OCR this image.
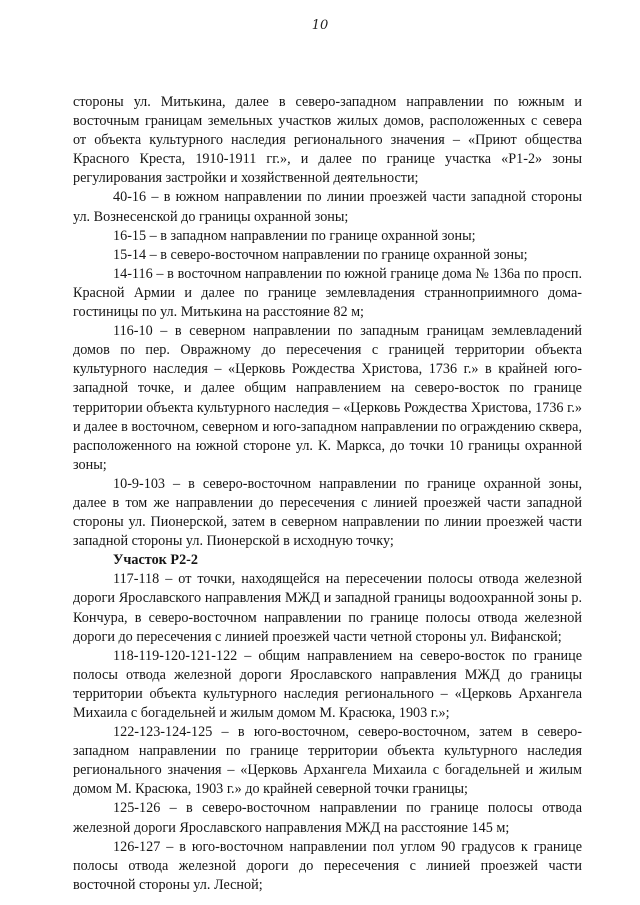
10

стороны ул. Митькина, далее в северо-западном направлении по южным и восточным границам земельных участков жилых домов, расположенных с севера от объекта культурного наследия регионального значения – «Приют общества Красного Креста, 1910-1911 гг.», и далее по границе участка «Р1-2» зоны регулирования застройки и хозяйственной деятельности;

40-16 – в южном направлении по линии проезжей части западной стороны ул. Вознесенской до границы охранной зоны;

16-15 – в западном направлении по границе охранной зоны;

15-14 – в северо-восточном направлении по границе охранной зоны;

14-116 – в восточном направлении по южной границе дома № 136а по просп. Красной Армии и далее по границе землевладения странноприимного дома-гостиницы по ул. Митькина на расстояние 82 м;

116-10 – в северном направлении по западным границам землевладений домов по пер. Овражному до пересечения с границей территории объекта культурного наследия – «Церковь Рождества Христова, 1736 г.» в крайней юго-западной точке, и далее общим направлением на северо-восток по границе территории объекта культурного наследия – «Церковь Рождества Христова, 1736 г.» и далее в восточном, северном и юго-западном направлении по ограждению сквера, расположенного на южной стороне ул. К. Маркса, до точки 10 границы охранной зоны;

10-9-103 – в северо-восточном направлении по границе охранной зоны, далее в том же направлении до пересечения с линией проезжей части западной стороны ул. Пионерской, затем в северном направлении по линии проезжей части западной стороны ул. Пионерской в исходную точку;

Участок Р2-2

117-118 – от точки, находящейся на пересечении полосы отвода железной дороги Ярославского направления МЖД и западной границы водоохранной зоны р. Кончура, в северо-восточном направлении по границе полосы отвода железной дороги до пересечения с линией проезжей части четной стороны ул. Вифанской;

118-119-120-121-122 – общим направлением на северо-восток по границе полосы отвода железной дороги Ярославского направления МЖД до границы территории объекта культурного наследия регионального – «Церковь Архангела Михаила с богадельней и жилым домом М. Красюка, 1903 г.»;

122-123-124-125 – в юго-восточном, северо-восточном, затем в северо-западном направлении по границе территории объекта культурного наследия регионального значения – «Церковь Архангела Михаила с богадельней и жилым домом М. Красюка, 1903 г.» до крайней северной точки границы;

125-126 – в северо-восточном направлении по границе полосы отвода железной дороги Ярославского направления МЖД на расстояние 145 м;

126-127 – в юго-восточном направлении пол углом 90 градусов к границе полосы отвода железной дороги до пересечения с линией проезжей части восточной стороны ул. Лесной;
